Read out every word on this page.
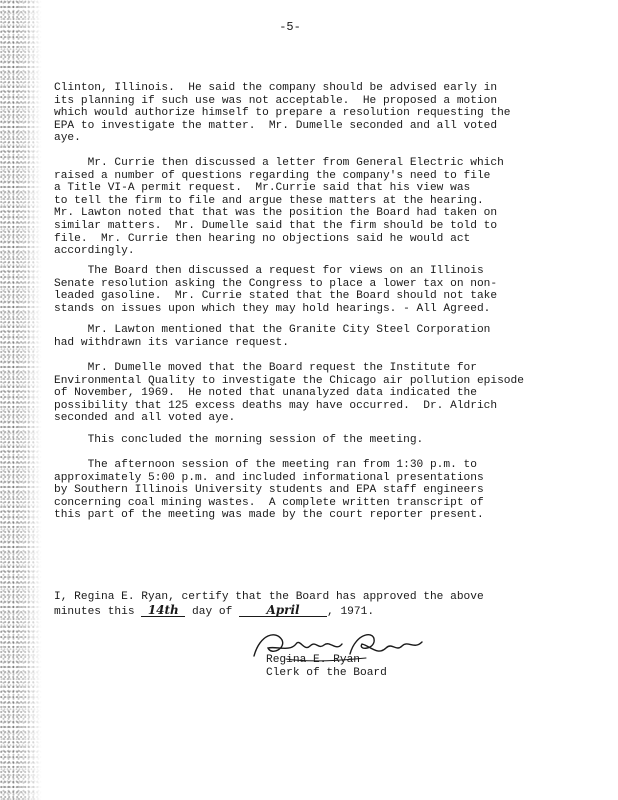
-5-

Clinton, Illinois.  He said the company should be advised early in
its planning if such use was not acceptable.  He proposed a motion
which would authorize himself to prepare a resolution requesting the
EPA to investigate the matter.  Mr. Dumelle seconded and all voted
aye.

Mr. Currie then discussed a letter from General Electric which
raised a number of questions regarding the company's need to file
a Title VI-A permit request.  Mr.Currie said that his view was
to tell the firm to file and argue these matters at the hearing.
Mr. Lawton noted that that was the position the Board had taken on
similar matters.  Mr. Dumelle said that the firm should be told to
file.  Mr. Currie then hearing no objections said he would act
accordingly.

The Board then discussed a request for views on an Illinois
Senate resolution asking the Congress to place a lower tax on non-
leaded gasoline.  Mr. Currie stated that the Board should not take
stands on issues upon which they may hold hearings. - All Agreed.

Mr. Lawton mentioned that the Granite City Steel Corporation
had withdrawn its variance request.

Mr. Dumelle moved that the Board request the Institute for
Environmental Quality to investigate the Chicago air pollution episode
of November, 1969.  He noted that unanalyzed data indicated the
possibility that 125 excess deaths may have occurred.  Dr. Aldrich
seconded and all voted aye.

This concluded the morning session of the meeting.

The afternoon session of the meeting ran from 1:30 p.m. to
approximately 5:00 p.m. and included informational presentations
by Southern Illinois University students and EPA staff engineers
concerning coal mining wastes.  A complete written transcript of
this part of the meeting was made by the court reporter present.

I, Regina E. Ryan, certify that the Board has approved the above
minutes this 14th day of	April , 1971.
Regina E. Ryan
Clerk of the Board
